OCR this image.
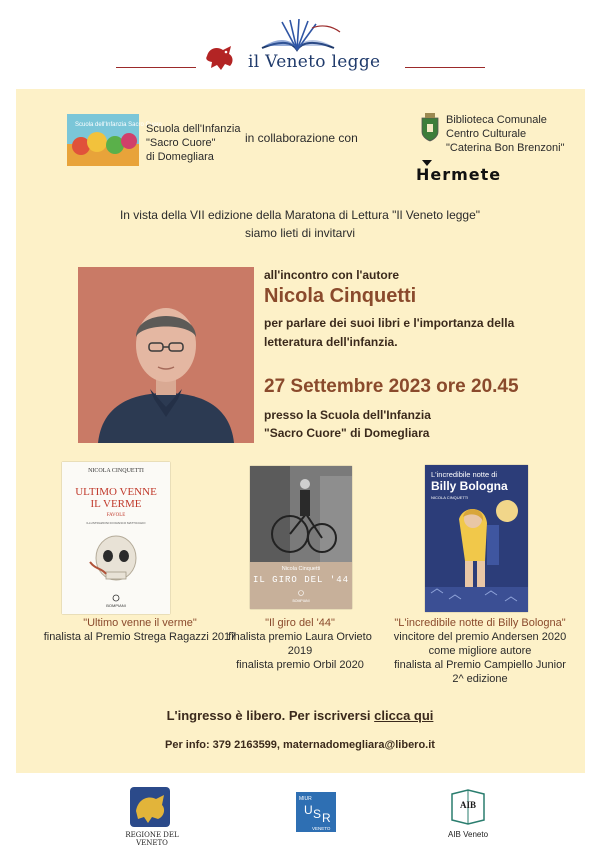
il Veneto legge
Scuola dell'Infanzia Sacro Cuore
Scuola dell'Infanzia
"Sacro Cuore"
di Domegliara
in collaborazione con
Biblioteca Comunale
Centro Culturale
"Caterina Bon Brenzoni"
Hermete
In vista della VII edizione della Maratona di Lettura "Il Veneto legge"
siamo lieti di invitarvi
all'incontro con l'autore
Nicola Cinquetti
per parlare dei suoi libri e l'importanza della
letteratura dell'infanzia.
27 Settembre 2023 ore 20.45
presso la Scuola dell'Infanzia
"Sacro Cuore" di Domegliara
NICOLA CINQUETTI
ULTIMO VENNE
IL VERME
FAVOLE
ILLUSTRAZIONI DI FRANCO MATTICCHIO
BOMPIANI
Nicola Cinquetti
IL GIRO DEL '44
BOMPIANI
L'incredibile notte di
Billy Bologna
NICOLA CINQUETTI
"Ultimo venne il verme"
finalista al Premio Strega Ragazzi 2017
"Il giro del '44"
finalista premio Laura Orvieto 2019
finalista premio Orbil 2020
"L'incredibile notte di Billy Bologna"
vincitore del premio Andersen 2020
come migliore autore
finalista al Premio Campiello Junior
2^ edizione
L'ingresso è libero. Per iscriversi clicca qui
Per info: 379 2163599, maternadomegliara@libero.it
REGIONE DEL VENETO
MIUR
U S R
VENETO
AIB
AIB Veneto
